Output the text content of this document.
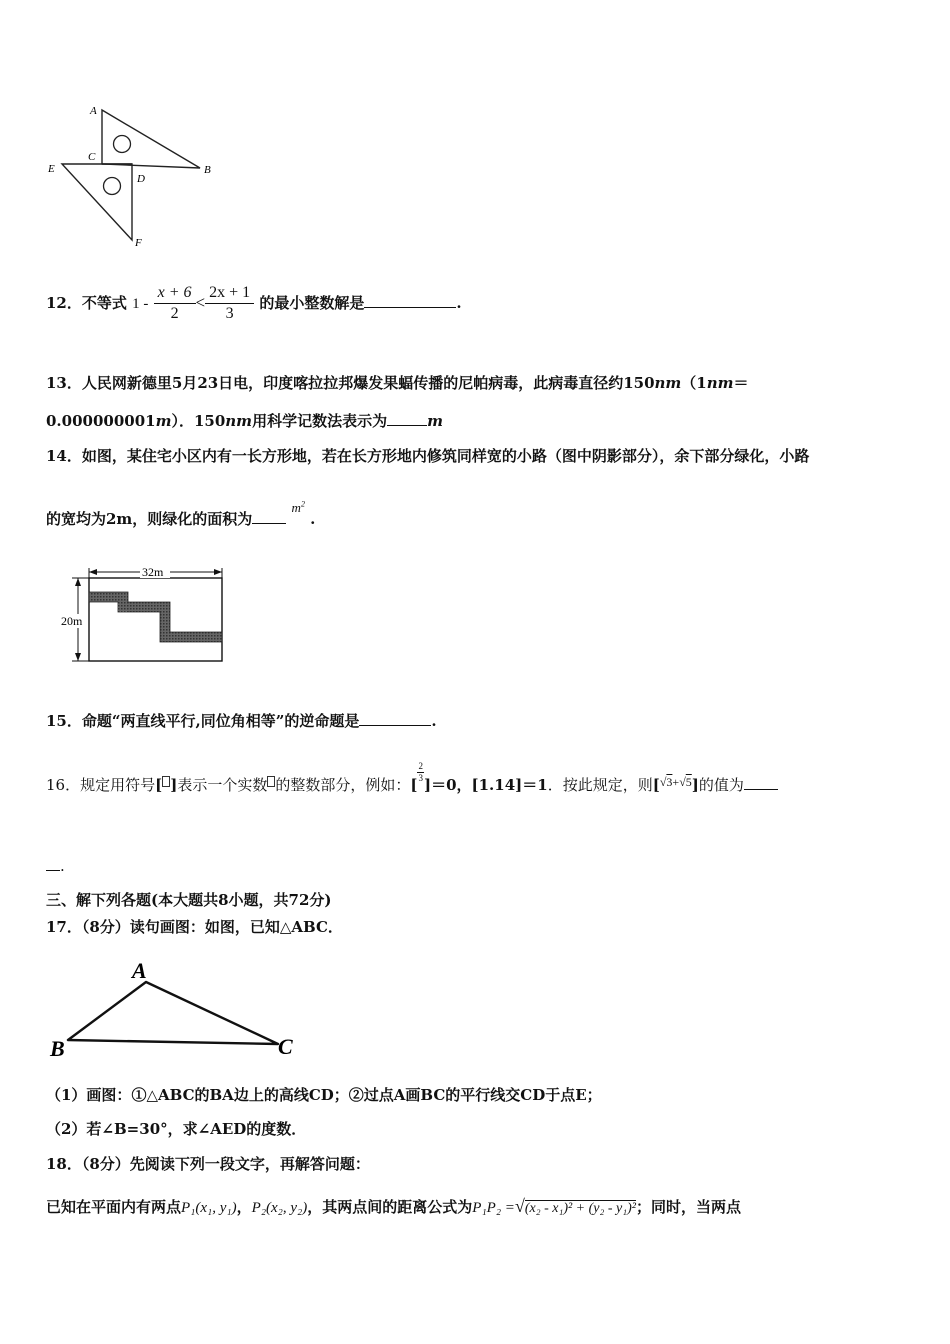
A
C
B
E
D
F
12．不等式 $1 - \frac{x + 6}{2} < \frac{2x + 1}{3}$ 的最小整数解是	.
13．人民网新德里5月23日电，印度喀拉拉邦爆发果蝠传播的尼帕病毒，此病毒直径约150nm（1nm＝
0.000000001m）．150nm用科学记数法表示为	m
14．如图，某住宅小区内有一长方形地，若在长方形地内修筑同样宽的小路（图中阴影部分），余下部分绿化，小路
的宽均为2m，则绿化的面积为 $m^2$ .
32m
20m
15．命题“两直线平行,同位角相等”的逆命题是	.
16．规定用符号[ ]表示一个实数 的整数部分，例如：[
$\frac{2}{3}$
]＝0，[1.14]＝1．按此规定，则[$^{√3+√5}$]的值为
.
三、解下列各题(本大题共8小题，共72分)
17．（8分）读句画图：如图，已知△ABC．
A
B	C
（1）画图：①△ABC的BA边上的高线CD；②过点A画BC的平行线交CD于点E；
（2）若∠B=30°，求∠AED的度数．
18．（8分）先阅读下列一段文字，再解答问题：
已知在平面内有两点P₁(x₁, y₁)，P₂(x₂, y₂)，其两点间的距离公式为P₁P₂ =√(x₂ - x₁)² + (y₂ - y₁)²；同时，当两点
